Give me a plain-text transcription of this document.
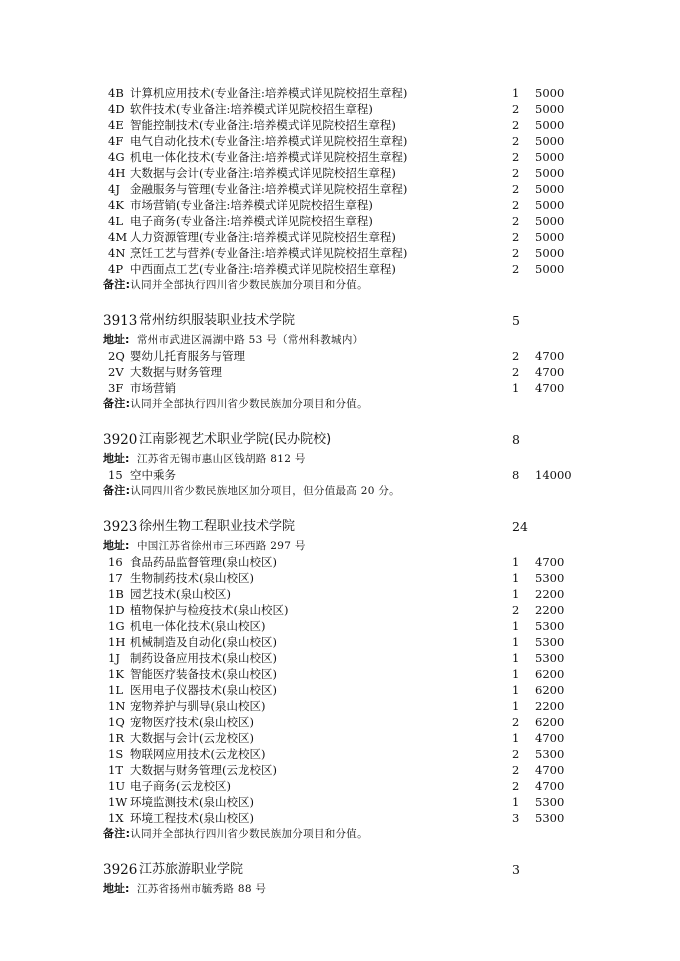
4B 计算机应用技术(专业备注:培养模式详见院校招生章程)	1 5000
4D 软件技术(专业备注:培养模式详见院校招生章程)	2 5000
4E 智能控制技术(专业备注:培养模式详见院校招生章程)	2 5000
4F 电气自动化技术(专业备注:培养模式详见院校招生章程)	2 5000
4G 机电一体化技术(专业备注:培养模式详见院校招生章程)	2 5000
4H 大数据与会计(专业备注:培养模式详见院校招生章程)	2 5000
4J 金融服务与管理(专业备注:培养模式详见院校招生章程)	2 5000
4K 市场营销(专业备注:培养模式详见院校招生章程)	2 5000
4L 电子商务(专业备注:培养模式详见院校招生章程)	2 5000
4M 人力资源管理(专业备注:培养模式详见院校招生章程)	2 5000
4N 烹饪工艺与营养(专业备注:培养模式详见院校招生章程)	2 5000
4P 中西面点工艺(专业备注:培养模式详见院校招生章程)	2 5000
备注:认同并全部执行四川省少数民族加分项目和分值。
3913 常州纺织服装职业技术学院	5
地址: 常州市武进区滆湖中路 53 号（常州科教城内）
2Q 婴幼儿托育服务与管理	2 4700
2V 大数据与财务管理	2 4700
3F 市场营销	1 4700
备注:认同并全部执行四川省少数民族加分项目和分值。
3920 江南影视艺术职业学院(民办院校)	8
地址: 江苏省无锡市惠山区钱胡路 812 号
15 空中乘务	8 14000
备注:认同四川省少数民族地区加分项目，但分值最高 20 分。
3923 徐州生物工程职业技术学院	24
地址: 中国江苏省徐州市三环西路 297 号
16 食品药品监督管理(泉山校区)	1 4700
17 生物制药技术(泉山校区)	1 5300
1B 园艺技术(泉山校区)	1 2200
1D 植物保护与检疫技术(泉山校区)	2 2200
1G 机电一体化技术(泉山校区)	1 5300
1H 机械制造及自动化(泉山校区)	1 5300
1J 制药设备应用技术(泉山校区)	1 5300
1K 智能医疗装备技术(泉山校区)	1 6200
1L 医用电子仪器技术(泉山校区)	1 6200
1N 宠物养护与驯导(泉山校区)	1 2200
1Q 宠物医疗技术(泉山校区)	2 6200
1R 大数据与会计(云龙校区)	1 4700
1S 物联网应用技术(云龙校区)	2 5300
1T 大数据与财务管理(云龙校区)	2 4700
1U 电子商务(云龙校区)	2 4700
1W 环境监测技术(泉山校区)	1 5300
1X 环境工程技术(泉山校区)	3 5300
备注:认同并全部执行四川省少数民族加分项目和分值。
3926 江苏旅游职业学院	3
地址: 江苏省扬州市毓秀路 88 号
